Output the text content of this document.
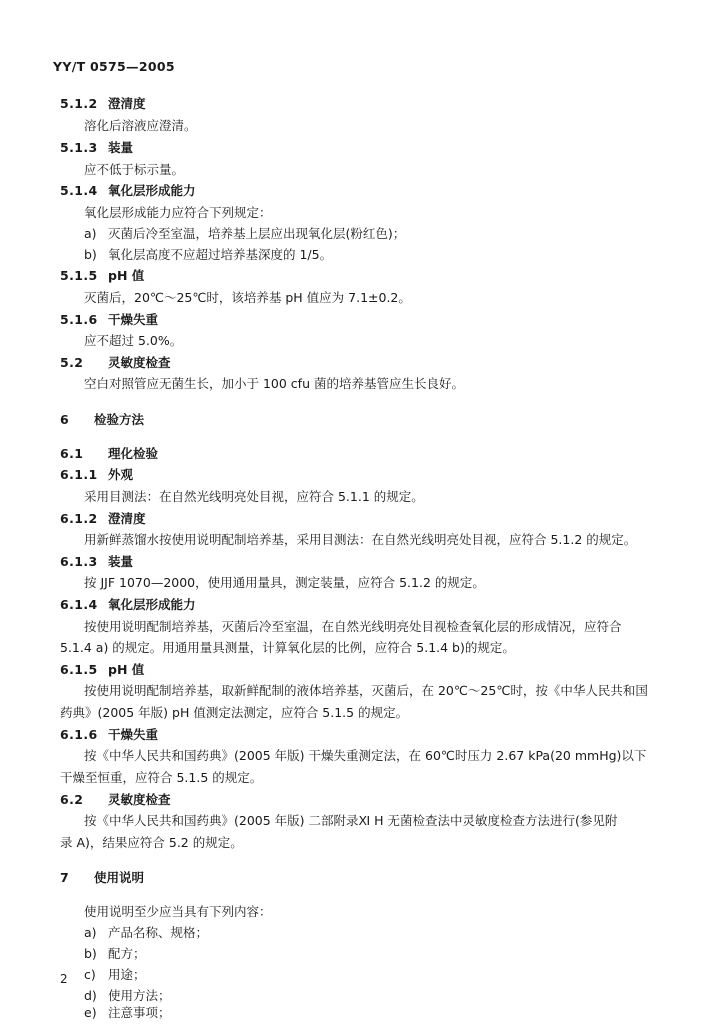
YY/T 0575—2005
5.1.2 澄清度
溶化后溶液应澄清。
5.1.3 装量
应不低于标示量。
5.1.4 氧化层形成能力
氧化层形成能力应符合下列规定：
a) 灭菌后冷至室温，培养基上层应出现氧化层(粉红色)；
b) 氧化层高度不应超过培养基深度的 1/5。
5.1.5 pH 值
灭菌后，20℃～25℃时，该培养基 pH 值应为 7.1±0.2。
5.1.6 干燥失重
应不超过 5.0%。
5.2 灵敏度检查
空白对照管应无菌生长，加小于 100 cfu 菌的培养基管应生长良好。
6 检验方法
6.1 理化检验
6.1.1 外观
采用目测法：在自然光线明亮处目视，应符合 5.1.1 的规定。
6.1.2 澄清度
用新鲜蒸馏水按使用说明配制培养基，采用目测法：在自然光线明亮处目视，应符合 5.1.2 的规定。
6.1.3 装量
按 JJF 1070—2000，使用通用量具，测定装量，应符合 5.1.2 的规定。
6.1.4 氧化层形成能力
按使用说明配制培养基，灭菌后冷至室温，在自然光线明亮处目视检查氧化层的形成情况，应符合
5.1.4 a) 的规定。用通用量具测量，计算氧化层的比例，应符合 5.1.4 b)的规定。
6.1.5 pH 值
按使用说明配制培养基，取新鲜配制的液体培养基，灭菌后，在 20℃～25℃时，按《中华人民共和国
药典》(2005 年版) pH 值测定法测定，应符合 5.1.5 的规定。
6.1.6 干燥失重
按《中华人民共和国药典》(2005 年版) 干燥失重测定法，在 60℃时压力 2.67 kPa(20 mmHg)以下
干燥至恒重，应符合 5.1.5 的规定。
6.2 灵敏度检查
按《中华人民共和国药典》(2005 年版) 二部附录Ⅺ H 无菌检查法中灵敏度检查方法进行(参见附
录 A)，结果应符合 5.2 的规定。
7 使用说明
使用说明至少应当具有下列内容：
a) 产品名称、规格；
b) 配方；
c) 用途；
d) 使用方法；
e) 注意事项；
2
